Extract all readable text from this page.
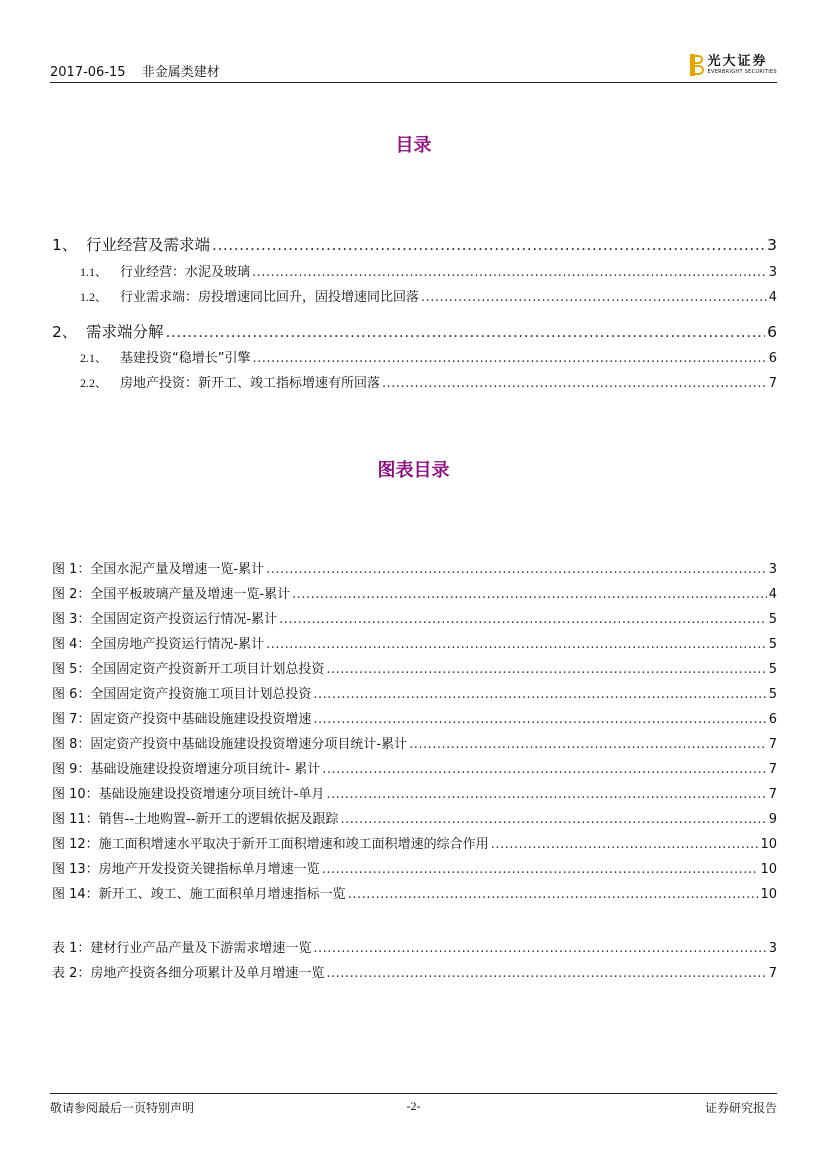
2017-06-15 非金属类建材
光大证券
EVERBRIGHT SECURITIES
目录
1、 行业经营及需求端 .....	3
1.1、 行业经营：水泥及玻璃 .....	3
1.2、 行业需求端：房投增速同比回升，固投增速同比回落 .....	4
2、 需求端分解 .....	6
2.1、 基建投资“稳增长”引擎 .....	6
2.2、 房地产投资：新开工、竣工指标增速有所回落 .....	7
图表目录
图 1：全国水泥产量及增速一览-累计 .....	3
图 2：全国平板玻璃产量及增速一览-累计 .....	4
图 3：全国固定资产投资运行情况-累计 .....	5
图 4：全国房地产投资运行情况-累计 .....	5
图 5：全国固定资产投资新开工项目计划总投资 .....	5
图 6：全国固定资产投资施工项目计划总投资 .....	5
图 7：固定资产投资中基础设施建设投资增速 .....	6
图 8：固定资产投资中基础设施建设投资增速分项目统计-累计 .....	7
图 9：基础设施建设投资增速分项目统计- 累计 .....	7
图 10：基础设施建设投资增速分项目统计-单月 .....	7
图 11：销售--土地购置--新开工的逻辑依据及跟踪 .....	9
图 12：施工面积增速水平取决于新开工面积增速和竣工面积增速的综合作用 .....	10
图 13：房地产开发投资关键指标单月增速一览 .....	10
图 14：新开工、竣工、施工面积单月增速指标一览 .....	10
表 1：建材行业产品产量及下游需求增速一览 .....	3
表 2：房地产投资各细分项累计及单月增速一览 .....	7
敬请参阅最后一页特别声明	-2-	证券研究报告
